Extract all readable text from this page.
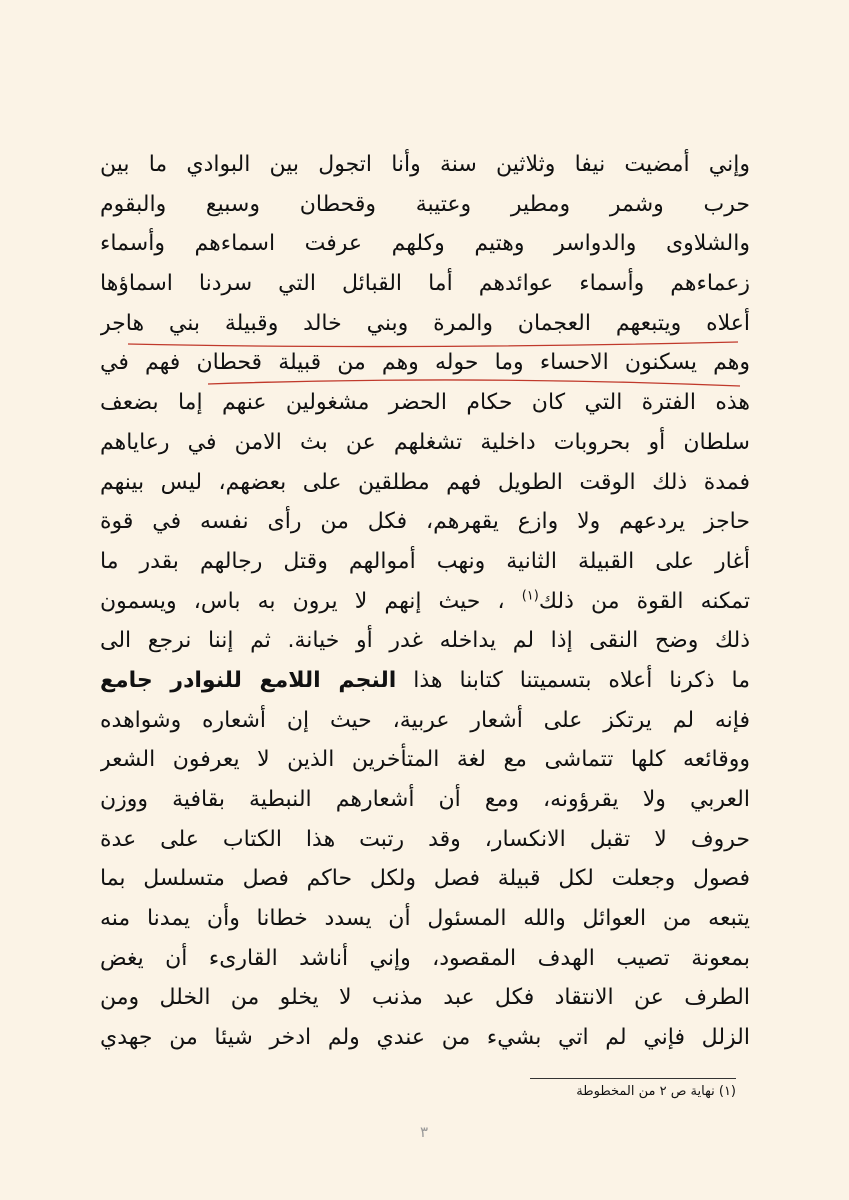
وإني أمضيت نيفا وثلاثين سنة وأنا اتجول بين البوادي ما بين
حرب وشمر ومطير وعتيبة وقحطان وسبيع والبقوم
والشلاوى والدواسر وهتيم وكلهم عرفت اسماءهم وأسماء
زعماءهم وأسماء عوائدهم أما القبائل التي سردنا اسماؤها
أعلاه ويتبعهم العجمان والمرة وبني خالد وقبيلة بني هاجر
وهم يسكنون الاحساء وما حوله وهم من قبيلة قحطان فهم في
هذه الفترة التي كان حكام الحضر مشغولين عنهم إما بضعف
سلطان أو بحروبات داخلية تشغلهم عن بث الامن في رعاياهم
فمدة ذلك الوقت الطويل فهم مطلقين على بعضهم، ليس بينهم
حاجز يردعهم ولا وازع يقهرهم، فكل من رأى نفسه في قوة
أغار على القبيلة الثانية ونهب أموالهم وقتل رجالهم بقدر ما
تمكنه القوة من ذلك$^{(١)}$ ، حيث إنهم لا يرون به باس، ويسمون
ذلك وضح النقى إذا لم يداخله غدر أو خيانة. ثم إننا نرجع الى
ما ذكرنا أعلاه بتسميتنا كتابنا هذا النجم اللامع للنوادر جامع
فإنه لم يرتكز على أشعار عربية، حيث إن أشعاره وشواهده
ووقائعه كلها تتماشى مع لغة المتأخرين الذين لا يعرفون الشعر
العربي ولا يقرؤونه، ومع أن أشعارهم النبطية بقافية ووزن
حروف لا تقبل الانكسار، وقد رتبت هذا الكتاب على عدة
فصول وجعلت لكل قبيلة فصل ولكل حاكم فصل متسلسل بما
يتبعه من العوائل والله المسئول أن يسدد خطانا وأن يمدنا منه
بمعونة تصيب الهدف المقصود، وإني أناشد القارىء أن يغض
الطرف عن الانتقاد فكل عبد مذنب لا يخلو من الخلل ومن
الزلل فإني لم اتي بشيء من عندي ولم ادخر شيئا من جهدي
(١) نهاية ص ٢ من المخطوطة
٣
